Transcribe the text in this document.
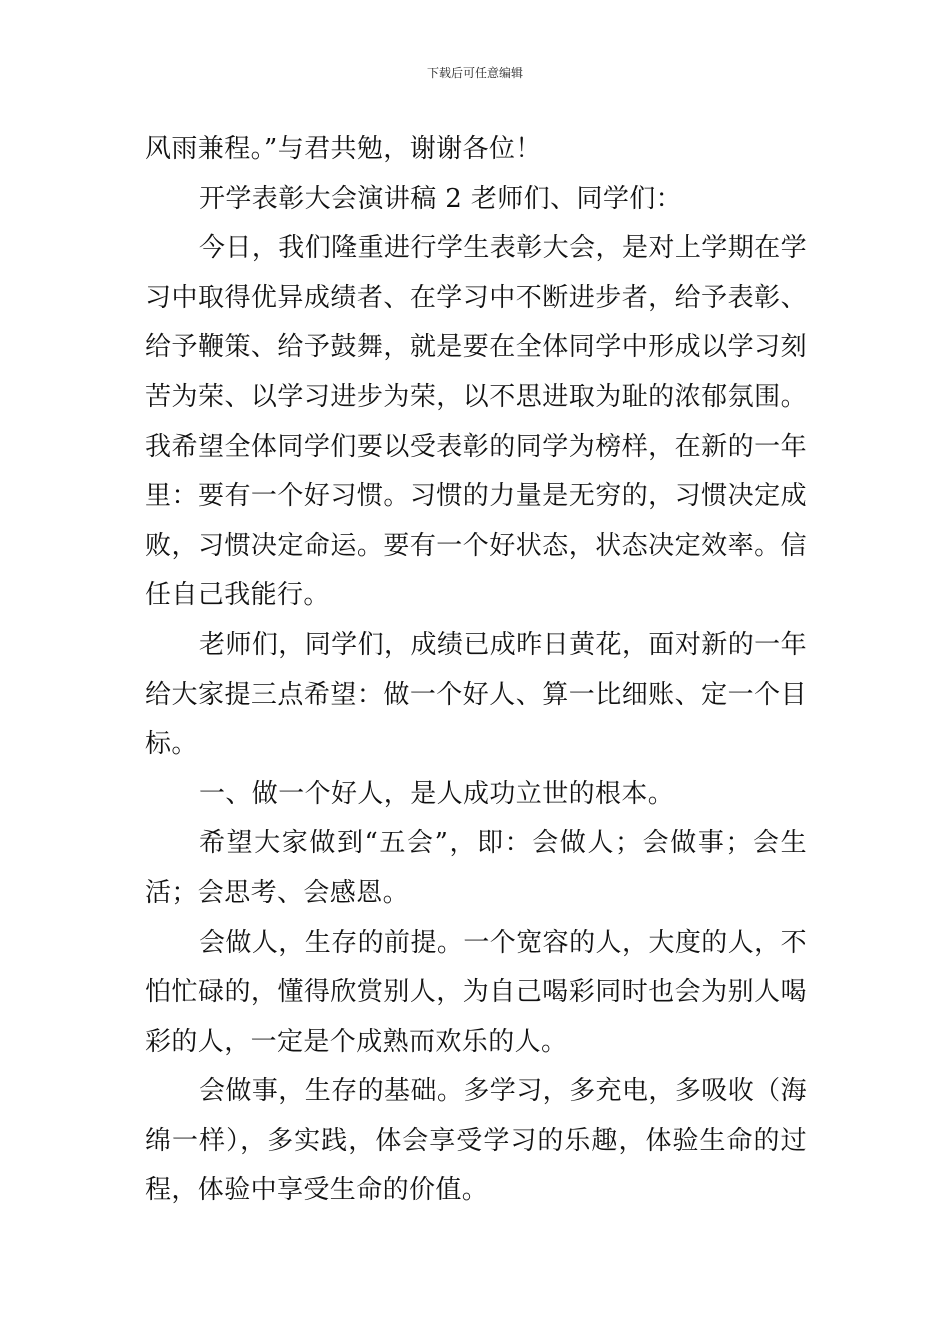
下载后可任意编辑
风雨兼程。”与君共勉，谢谢各位！
开学表彰大会演讲稿 2 老师们、同学们：
今日，我们隆重进行学生表彰大会，是对上学期在学
习中取得优异成绩者、在学习中不断进步者，给予表彰、
给予鞭策、给予鼓舞，就是要在全体同学中形成以学习刻
苦为荣、以学习进步为荣，以不思进取为耻的浓郁氛围。
我希望全体同学们要以受表彰的同学为榜样，在新的一年
里：要有一个好习惯。习惯的力量是无穷的，习惯决定成
败，习惯决定命运。要有一个好状态，状态决定效率。信
任自己我能行。
老师们，同学们，成绩已成昨日黄花，面对新的一年
给大家提三点希望：做一个好人、算一比细账、定一个目
标。
一、做一个好人，是人成功立世的根本。
希望大家做到“五会”，即：会做人；会做事；会生
活；会思考、会感恩。
会做人，生存的前提。一个宽容的人，大度的人，不
怕忙碌的，懂得欣赏别人，为自己喝彩同时也会为别人喝
彩的人，一定是个成熟而欢乐的人。
会做事，生存的基础。多学习，多充电，多吸收（海
绵一样），多实践，体会享受学习的乐趣，体验生命的过
程，体验中享受生命的价值。
